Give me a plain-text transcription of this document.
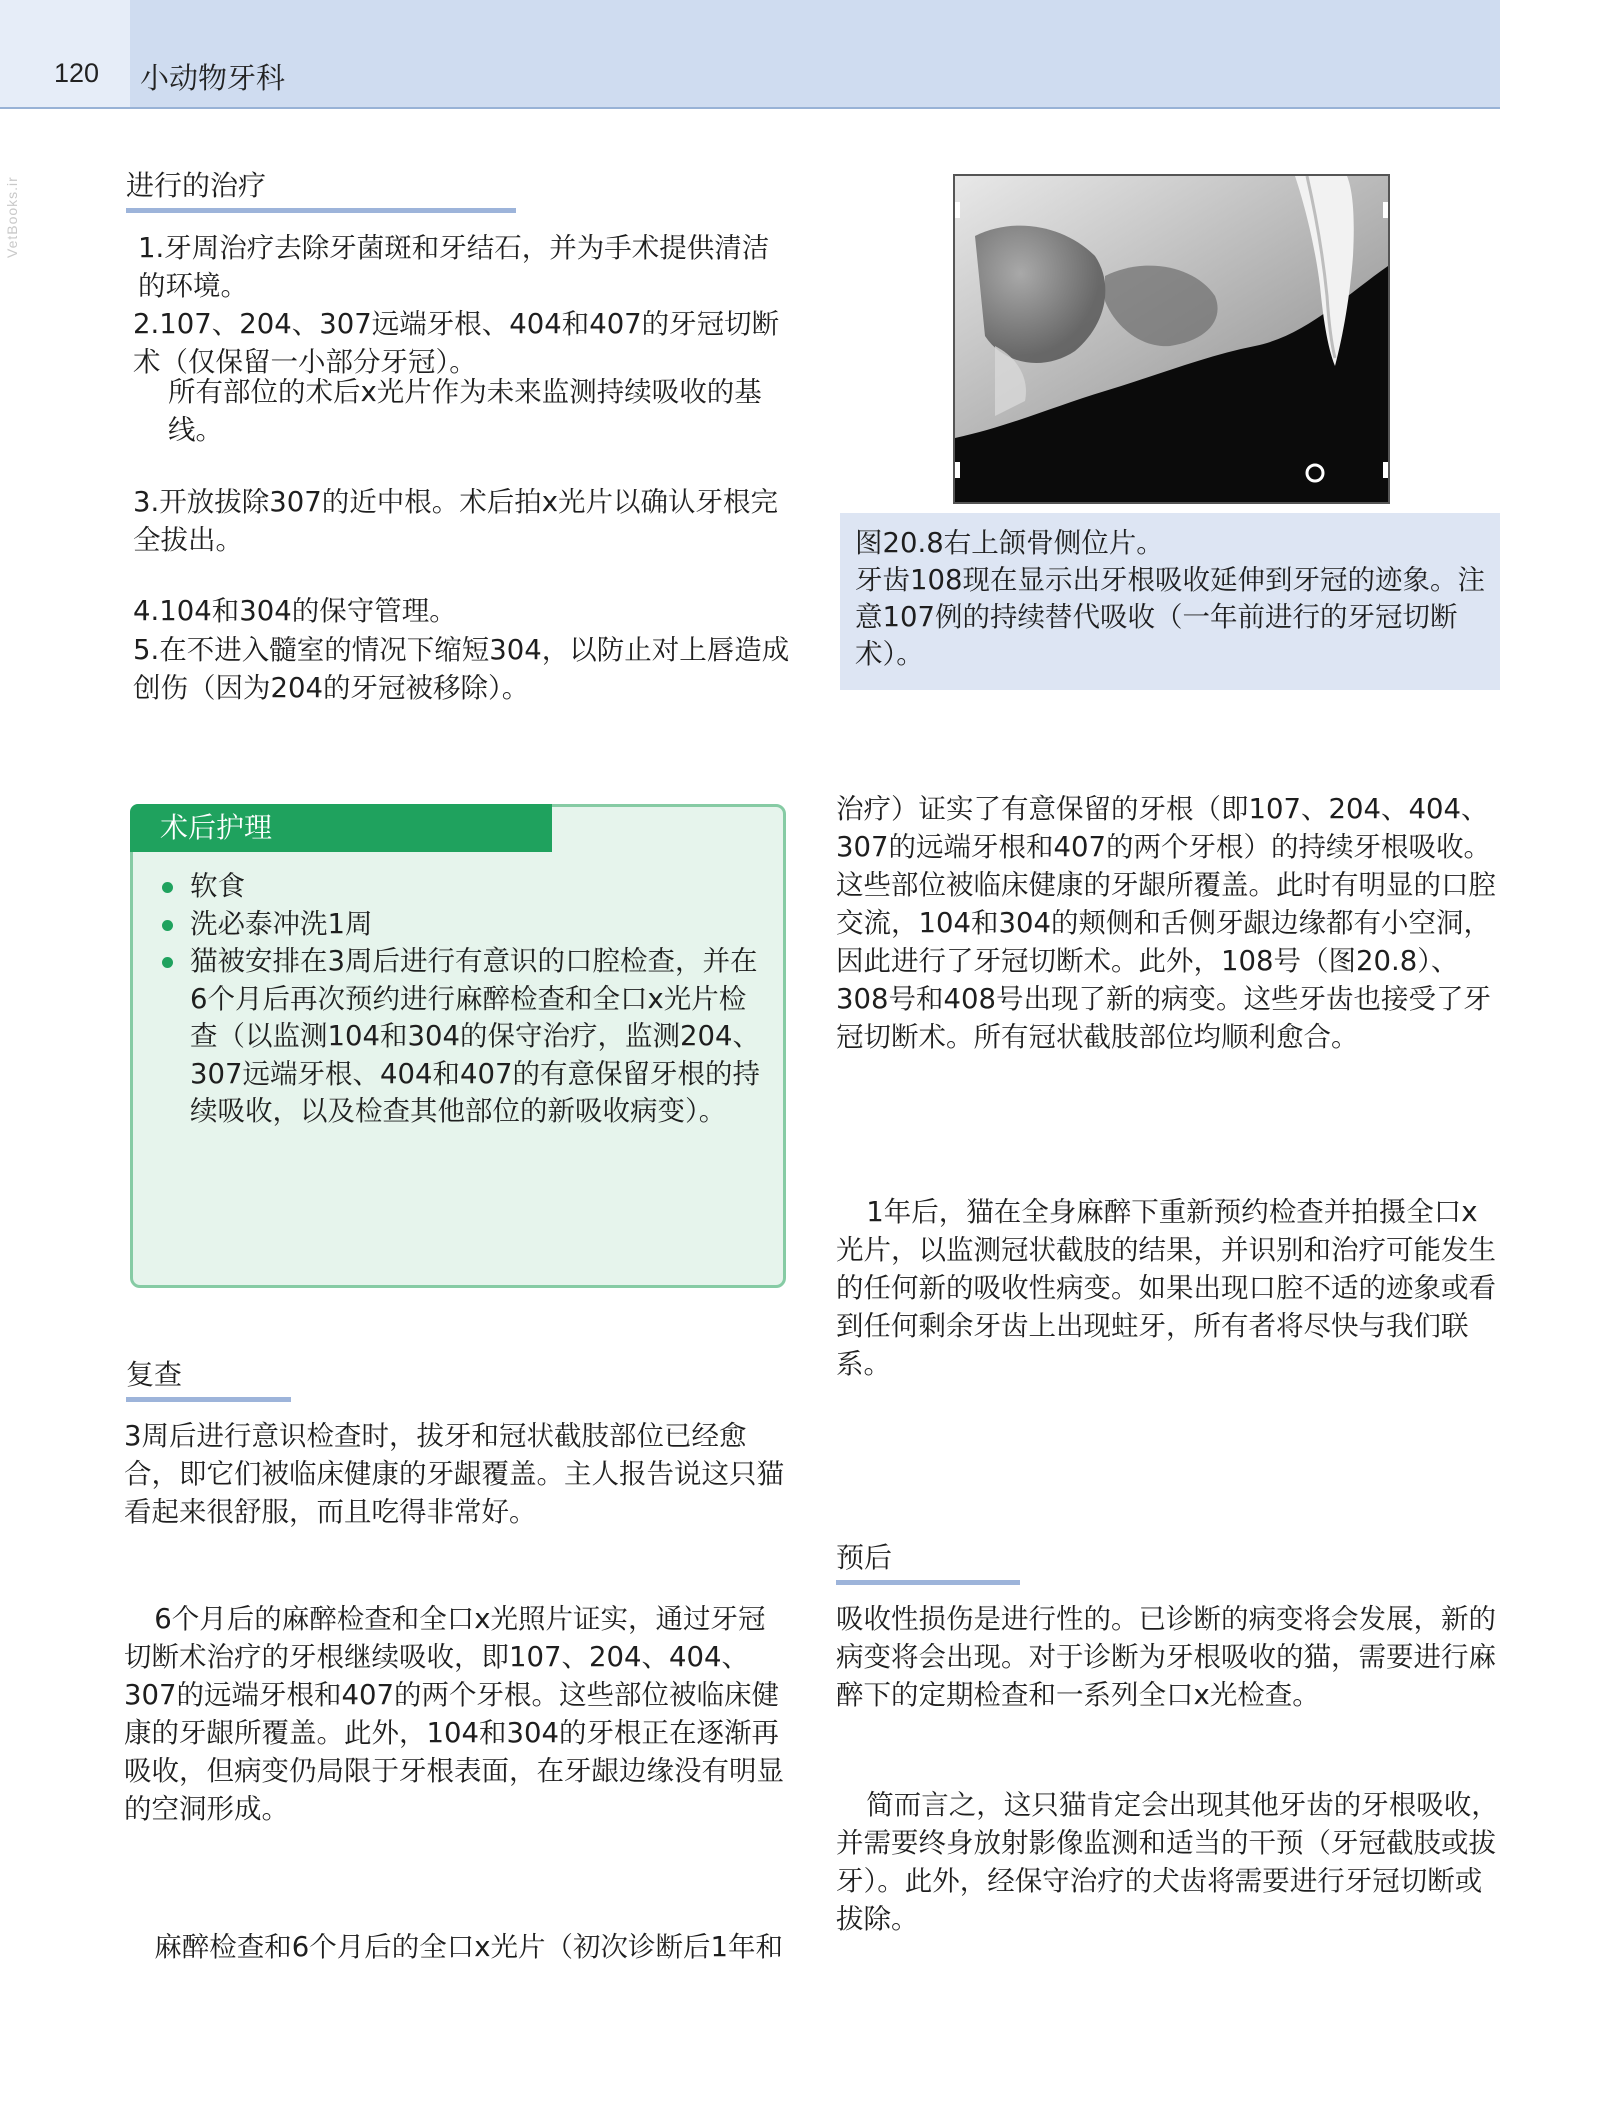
120 小动物牙科
VetBooks.ir	进行的治疗
1.牙周治疗去除牙菌斑和牙结石，并为手术提供清洁的环境。
2.107、204、307远端牙根、404和407的牙冠切断术（仅保留一小部分牙冠）。
所有部位的术后x光片作为未来监测持续吸收的基线。
3.开放拔除307的近中根。术后拍x光片以确认牙根完全拔出。
4.104和304的保守管理。
5.在不进入髓室的情况下缩短304，以防止对上唇造成创伤（因为204的牙冠被移除）。

图20.8右上颌骨侧位片。
牙齿108现在显示出牙根吸收延伸到牙冠的迹象。注意107例的持续替代吸收（一年前进行的牙冠切断术）。

术后护理
软食
洗必泰冲洗1周
猫被安排在3周后进行有意识的口腔检查，并在6个月后再次预约进行麻醉检查和全口x光片检查（以监测104和304的保守治疗，监测204、307远端牙根、404和407的有意保留牙根的持续吸收，以及检查其他部位的新吸收病变）。
复查

3周后进行意识检查时，拔牙和冠状截肢部位已经愈合，即它们被临床健康的牙龈覆盖。主人报告说这只猫看起来很舒服，而且吃得非常好。

6个月后的麻醉检查和全口x光照片证实，通过牙冠切断术治疗的牙根继续吸收，即107、204、404、307的远端牙根和407的两个牙根。这些部位被临床健康的牙龈所覆盖。此外，104和304的牙根正在逐渐再吸收，但病变仍局限于牙根表面，在牙龈边缘没有明显的空洞形成。

麻醉检查和6个月后的全口x光片（初次诊断后1年和

治疗）证实了有意保留的牙根（即107、204、404、307的远端牙根和407的两个牙根）的持续牙根吸收。这些部位被临床健康的牙龈所覆盖。此时有明显的口腔交流，104和304的颊侧和舌侧牙龈边缘都有小空洞，因此进行了牙冠切断术。此外，108号（图20.8）、308号和408号出现了新的病变。这些牙齿也接受了牙冠切断术。所有冠状截肢部位均顺利愈合。

1年后，猫在全身麻醉下重新预约检查并拍摄全口x光片，以监测冠状截肢的结果，并识别和治疗可能发生的任何新的吸收性病变。如果出现口腔不适的迹象或看到任何剩余牙齿上出现蛀牙，所有者将尽快与我们联系。

预后

吸收性损伤是进行性的。已诊断的病变将会发展，新的病变将会出现。对于诊断为牙根吸收的猫，需要进行麻醉下的定期检查和一系列全口x光检查。

简而言之，这只猫肯定会出现其他牙齿的牙根吸收，并需要终身放射影像监测和适当的干预（牙冠截肢或拔牙）。此外，经保守治疗的犬齿将需要进行牙冠切断或拔除。
